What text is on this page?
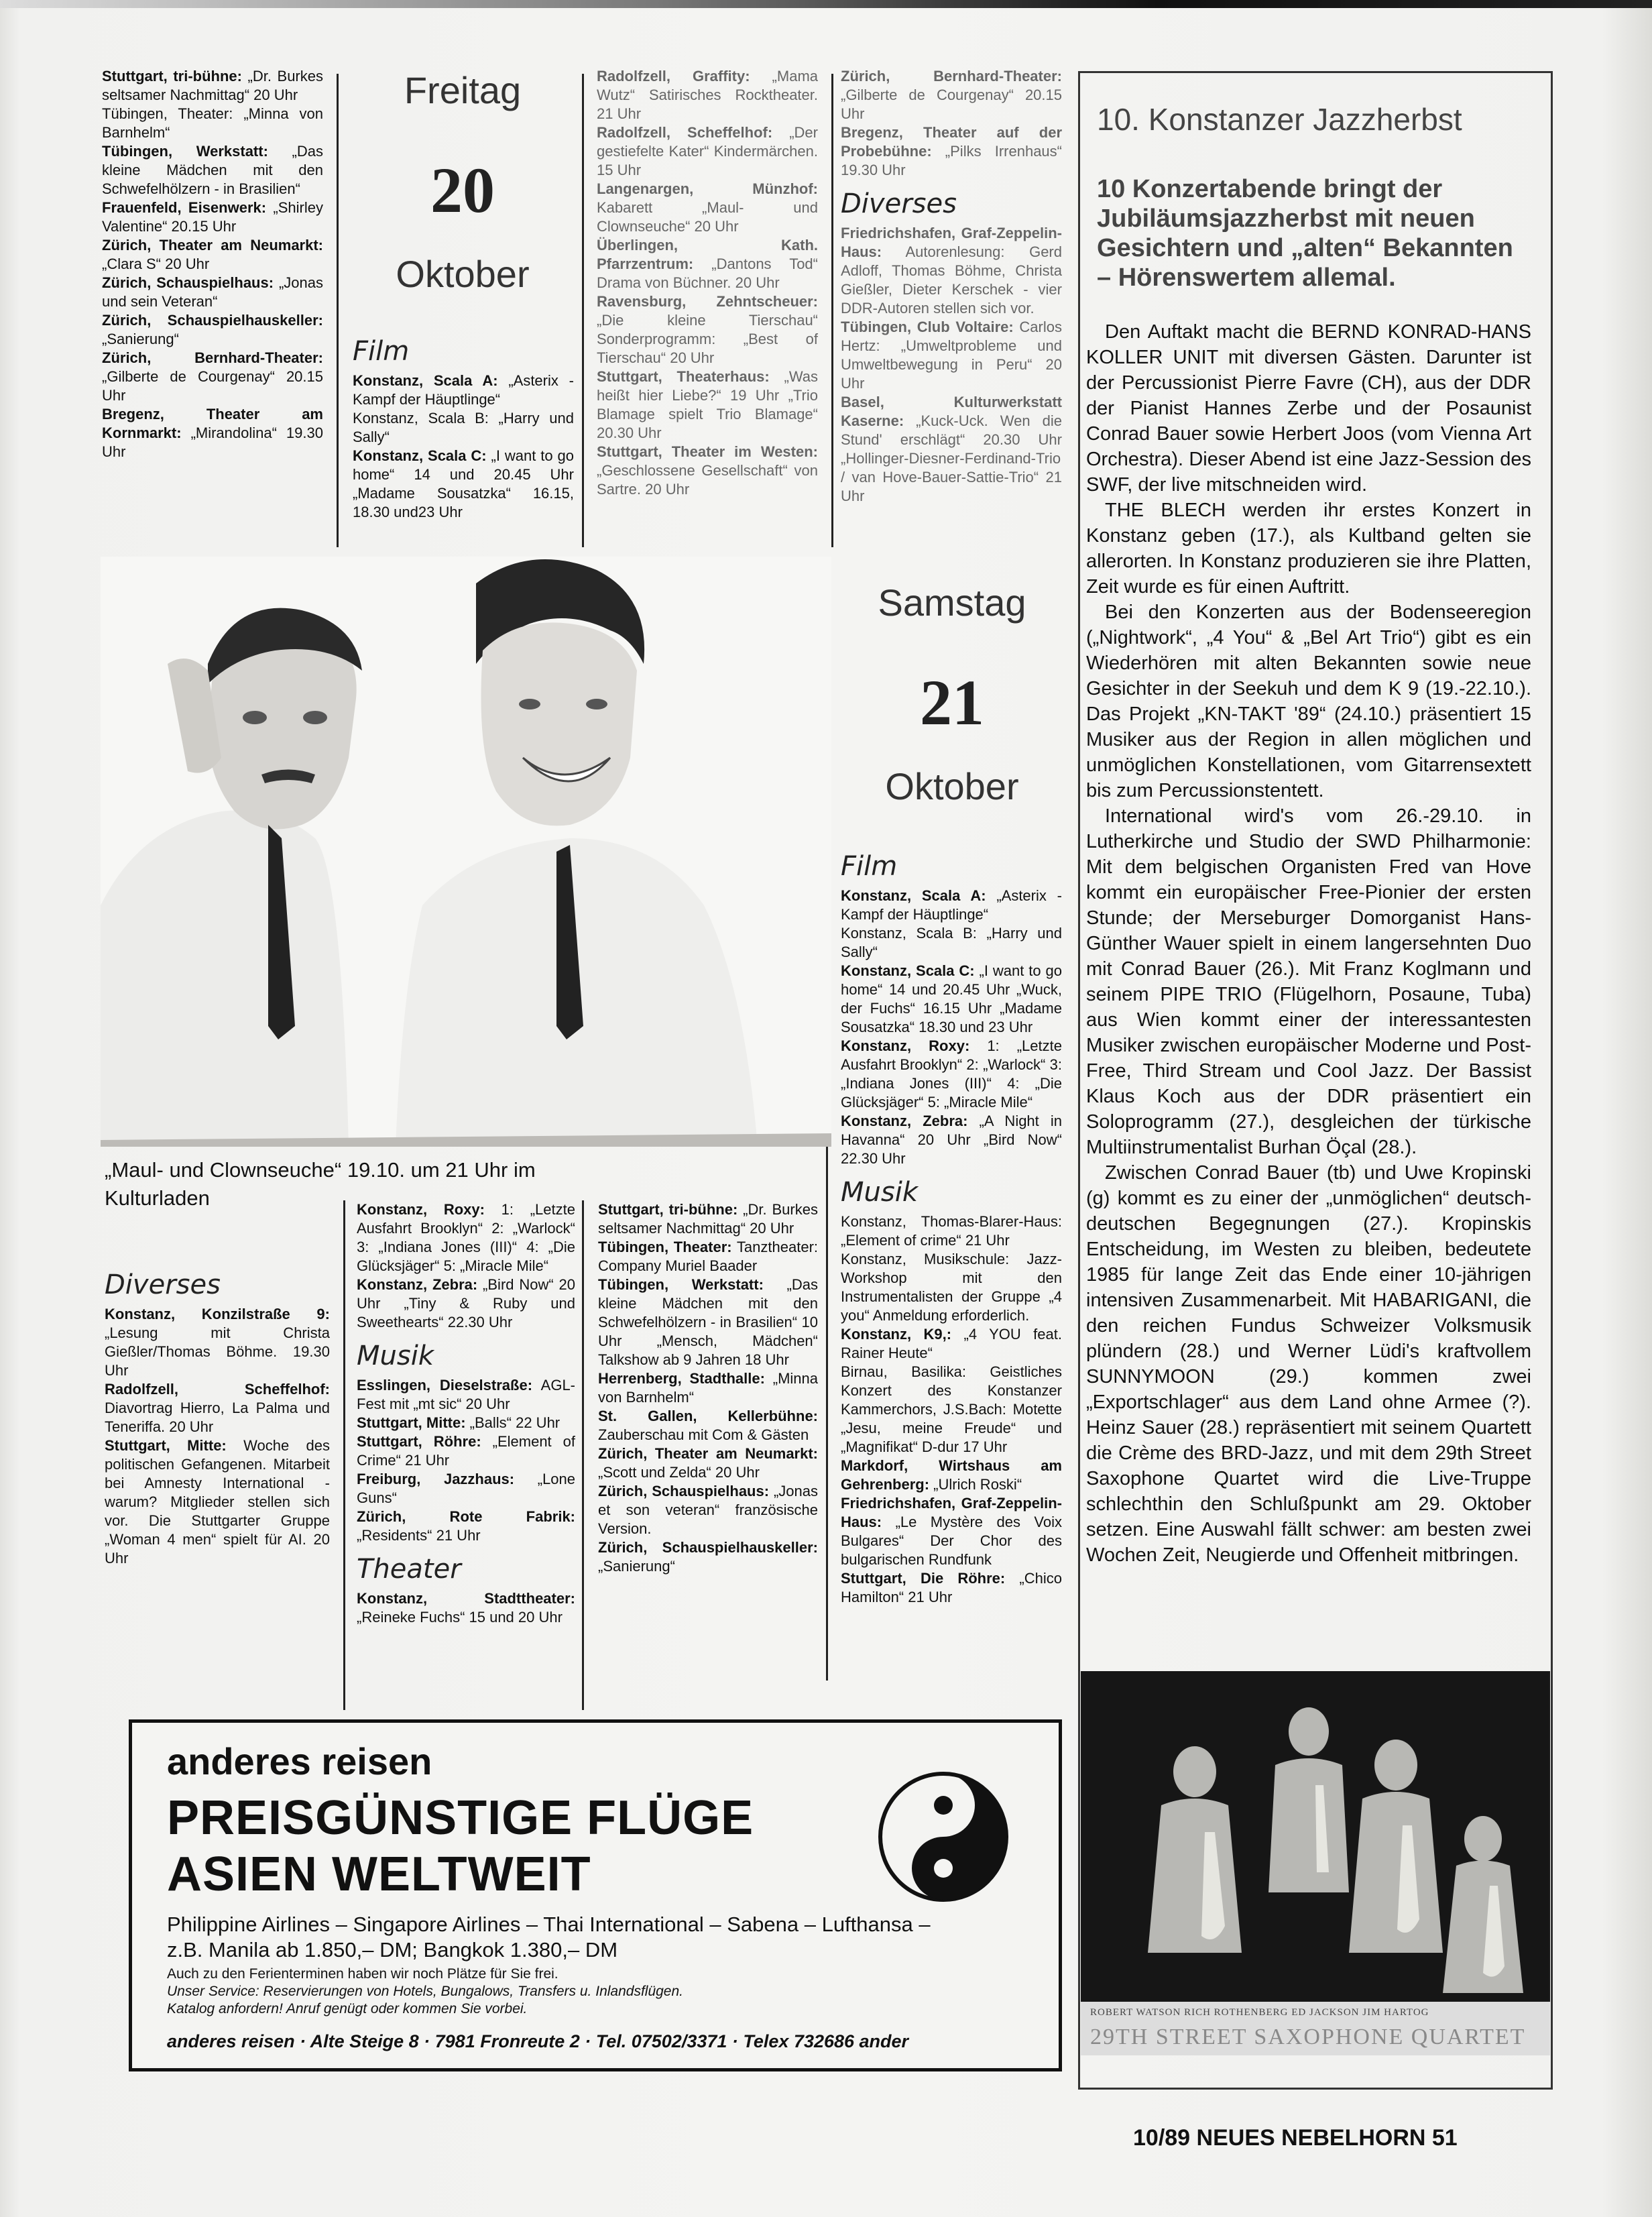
Stuttgart, tri-bühne: „Dr. Burkes seltsamer Nachmittag“ 20 Uhr

Tübingen, Theater: „Minna von Barnhelm“

Tübingen, Werkstatt: „Das kleine Mädchen mit den Schwefelhölzern - in Brasilien“

Frauenfeld, Eisenwerk: „Shirley Valentine“ 20.15 Uhr

Zürich, Theater am Neumarkt: „Clara S“ 20 Uhr

Zürich, Schauspielhaus: „Jonas und sein Veteran“

Zürich, Schauspielhauskeller: „Sanierung“

Zürich, Bernhard-Theater: „Gilberte de Courgenay“ 20.15 Uhr

Bregenz, Theater am Kornmarkt: „Mirandolina“ 19.30 Uhr

Freitag
20
Oktober
Film

Konstanz, Scala A: „Asterix - Kampf der Häuptlinge“

Konstanz, Scala B: „Harry und Sally“

Konstanz, Scala C: „I want to go home“ 14 und 20.45 Uhr „Madame Sousatzka“ 16.15, 18.30 und23 Uhr

Radolfzell, Graffity: „Mama Wutz“ Satirisches Rocktheater. 21 Uhr

Radolfzell, Scheffelhof: „Der gestiefelte Kater“ Kindermärchen. 15 Uhr

Langenargen, Münzhof: Kabarett „Maul- und Clownseuche“ 20 Uhr

Überlingen, Kath. Pfarrzentrum: „Dantons Tod“ Drama von Büchner. 20 Uhr

Ravensburg, Zehntscheuer: „Die kleine Tierschau“ Sonderprogramm: „Best of Tierschau“ 20 Uhr

Stuttgart, Theaterhaus: „Was heißt hier Liebe?“ 19 Uhr „Trio Blamage spielt Trio Blamage“ 20.30 Uhr

Stuttgart, Theater im Westen: „Geschlossene Gesellschaft“ von Sartre. 20 Uhr

Zürich, Bernhard-Theater: „Gilberte de Courgenay“ 20.15 Uhr

Bregenz, Theater auf der Probebühne: „Pilks Irrenhaus“ 19.30 Uhr

Diverses

Friedrichshafen, Graf-Zeppelin-Haus: Autorenlesung: Gerd Adloff, Thomas Böhme, Christa Gießler, Dieter Kerschek - vier DDR-Autoren stellen sich vor.

Tübingen, Club Voltaire: Carlos Hertz: „Umweltprobleme und Umweltbewegung in Peru“ 20 Uhr

Basel, Kulturwerkstatt Kaserne: „Kuck-Uck. Wen die Stund' erschlägt“ 20.30 Uhr „Hollinger-Diesner-Ferdinand-Trio / van Hove-Bauer-Sattie-Trio“ 21 Uhr

Samstag
21
Oktober
Film

Konstanz, Scala A: „Asterix - Kampf der Häuptlinge“

Konstanz, Scala B: „Harry und Sally“

Konstanz, Scala C: „I want to go home“ 14 und 20.45 Uhr „Wuck, der Fuchs“ 16.15 Uhr „Madame Sousatzka“ 18.30 und 23 Uhr

Konstanz, Roxy: 1: „Letzte Ausfahrt Brooklyn“ 2: „Warlock“ 3: „Indiana Jones (III)“ 4: „Die Glücksjäger“ 5: „Miracle Mile“

Konstanz, Zebra: „A Night in Havanna“ 20 Uhr „Bird Now“ 22.30 Uhr

Musik

Konstanz, Thomas-Blarer-Haus: „Element of crime“ 21 Uhr

Konstanz, Musikschule: Jazz-Workshop mit den Instrumentalisten der Gruppe „4 you“ Anmeldung erforderlich.

Konstanz, K9,: „4 YOU feat. Rainer Heute“

Birnau, Basilika: Geistliches Konzert des Konstanzer Kammerchors, J.S.Bach: Motette „Jesu, meine Freude“ und „Magnifikat“ D-dur 17 Uhr

Markdorf, Wirtshaus am Gehrenberg: „Ulrich Roski“

Friedrichshafen, Graf-Zeppelin-Haus: „Le Mystère des Voix Bulgares“ Der Chor des bulgarischen Rundfunk

Stuttgart, Die Röhre: „Chico Hamilton“ 21 Uhr

„Maul- und Clownseuche“ 19.10. um 21 Uhr im Kulturladen
Diverses

Konstanz, Konzilstraße 9: „Lesung mit Christa Gießler/Thomas Böhme. 19.30 Uhr

Radolfzell, Scheffelhof: Diavortrag Hierro, La Palma und Teneriffa. 20 Uhr

Stuttgart, Mitte: Woche des politischen Gefangenen. Mitarbeit bei Amnesty International - warum? Mitglieder stellen sich vor. Die Stuttgarter Gruppe „Woman 4 men“ spielt für AI. 20 Uhr

Konstanz, Roxy: 1: „Letzte Ausfahrt Brooklyn“ 2: „Warlock“ 3: „Indiana Jones (III)“ 4: „Die Glücksjäger“ 5: „Miracle Mile“

Konstanz, Zebra: „Bird Now“ 20 Uhr „Tiny & Ruby und Sweethearts“ 22.30 Uhr

Musik

Esslingen, Dieselstraße: AGL-Fest mit „mt sic“ 20 Uhr

Stuttgart, Mitte: „Balls“ 22 Uhr

Stuttgart, Röhre: „Element of Crime“ 21 Uhr

Freiburg, Jazzhaus: „Lone Guns“

Zürich, Rote Fabrik: „Residents“ 21 Uhr

Theater

Konstanz, Stadttheater: „Reineke Fuchs“ 15 und 20 Uhr

Stuttgart, tri-bühne: „Dr. Burkes seltsamer Nachmittag“ 20 Uhr

Tübingen, Theater: Tanztheater: Company Muriel Baader

Tübingen, Werkstatt: „Das kleine Mädchen mit den Schwefelhölzern - in Brasilien“ 10 Uhr „Mensch, Mädchen“ Talkshow ab 9 Jahren 18 Uhr

Herrenberg, Stadthalle: „Minna von Barnhelm“

St. Gallen, Kellerbühne: Zauberschau mit Com & Gästen

Zürich, Theater am Neumarkt: „Scott und Zelda“ 20 Uhr

Zürich, Schauspielhaus: „Jonas et son veteran“ französische Version.

Zürich, Schauspielhauskeller: „Sanierung“

10. Konstanzer Jazzherbst
10 Konzertabende bringt der Jubiläumsjazzherbst mit neuen Gesichtern und „alten“ Bekannten – Hörenswertem allemal.

Den Auftakt macht die BERND KONRAD-HANS KOLLER UNIT mit diversen Gästen. Darunter ist der Percussionist Pierre Favre (CH), aus der DDR der Pianist Hannes Zerbe und der Posaunist Conrad Bauer sowie Herbert Joos (vom Vienna Art Orchestra). Dieser Abend ist eine Jazz-Session des SWF, der live mitschneiden wird.

THE BLECH werden ihr erstes Konzert in Konstanz geben (17.), als Kultband gelten sie allerorten. In Konstanz produzieren sie ihre Platten, Zeit wurde es für einen Auftritt.

Bei den Konzerten aus der Bodenseeregion („Nightwork“, „4 You“ & „Bel Art Trio“) gibt es ein Wiederhören mit alten Bekannten sowie neue Gesichter in der Seekuh und dem K 9 (19.-22.10.). Das Projekt „KN-TAKT '89“ (24.10.) präsentiert 15 Musiker aus der Region in allen möglichen und unmöglichen Konstellationen, vom Gitarrensextett bis zum Percussionstentett.

International wird's vom 26.-29.10. in Lutherkirche und Studio der SWD Philharmonie: Mit dem belgischen Organisten Fred van Hove kommt ein europäischer Free-Pionier der ersten Stunde; der Merseburger Domorganist Hans-Günther Wauer spielt in einem langersehnten Duo mit Conrad Bauer (26.). Mit Franz Koglmann und seinem PIPE TRIO (Flügelhorn, Posaune, Tuba) aus Wien kommt einer der interessantesten Musiker zwischen europäischer Moderne und Post-Free, Third Stream und Cool Jazz. Der Bassist Klaus Koch aus der DDR präsentiert ein Soloprogramm (27.), desgleichen der türkische Multiinstrumentalist Burhan Öçal (28.).

Zwischen Conrad Bauer (tb) und Uwe Kropinski (g) kommt es zu einer der „unmöglichen“ deutsch-deutschen Begegnungen (27.). Kropinskis Entscheidung, im Westen zu bleiben, bedeutete 1985 für lange Zeit das Ende einer 10-jährigen intensiven Zusammenarbeit. Mit HABARIGANI, die den reichen Fundus Schweizer Volksmusik plündern (28.) und Werner Lüdi's kraftvollem SUNNYMOON (29.) kommen zwei „Exportschlager“ aus dem Land ohne Armee (?). Heinz Sauer (28.) repräsentiert mit seinem Quartett die Crème des BRD-Jazz, und mit dem 29th Street Saxophone Quartet wird die Live-Truppe schlechthin den Schlußpunkt am 29. Oktober setzen. Eine Auswahl fällt schwer: am besten zwei Wochen Zeit, Neugierde und Offenheit mitbringen.

ROBERT WATSON RICH ROTHENBERG ED JACKSON JIM HARTOG
29TH STREET SAXOPHONE QUARTET
anderes reisen
PREISGÜNSTIGE FLÜGE
ASIEN WELTWEIT
Philippine Airlines – Singapore Airlines – Thai International – Sabena – Lufthansa –
z.B. Manila ab 1.850,– DM; Bangkok 1.380,– DM
Auch zu den Ferienterminen haben wir noch Plätze für Sie frei.
Unser Service: Reservierungen von Hotels, Bungalows, Transfers u. Inlandsflügen.
Katalog anfordern! Anruf genügt oder kommen Sie vorbei.
anderes reisen · Alte Steige 8 · 7981 Fronreute 2 · Tel. 07502/3371 · Telex 732686 ander
10/89 NEUES NEBELHORN 51
